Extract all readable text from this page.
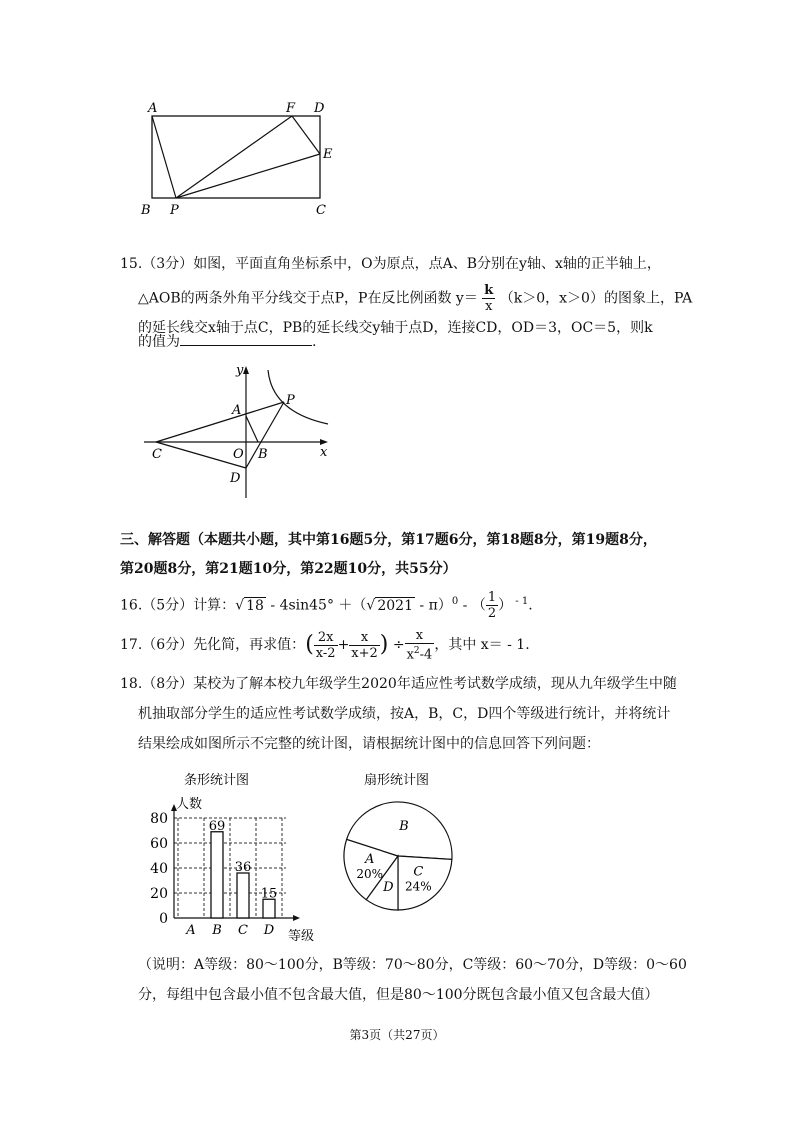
A	F D
E
B P	C
15.（3分）如图，平面直角坐标系中，O为原点，点A、B分别在y轴、x轴的正半轴上，
△AOB的两条外角平分线交于点P，P在反比例函数 $y= \frac{k}{x} (k>0$，x＞0）的图象上，PA
的延长线交x轴于点C，PB的延长线交y轴于点D，连接CD，OD＝3，OC＝5，则k
的值为	.
y
x
A
P
C	O B
D
三、解答题（本题共小题，其中第16题5分，第17题6分，第18题8分，第19题8分，
第20题8分，第21题10分，第22题10分，共55分）
16.（5分）计算：√ 18 - 4sin45° ＋（√ 2021 - π）$^0$ - （ $\frac{1}{2}$ ） $^{- 1}$.
17.（6分）先化简，再求值：( $\frac{2x}{x-2} + \frac{x}{x+2}$ ) ÷ $\frac{x}{x^2-4}$ ，其中 x＝ - 1.
18.（8分）某校为了解本校九年级学生2020年适应性考试数学成绩，现从九年级学生中随
机抽取部分学生的适应性考试数学成绩，按A，B，C，D四个等级进行统计，并将统计
结果绘成如图所示不完整的统计图，请根据统计图中的信息回答下列问题：
条形统计图
人数
等级
0
20
40
60
80	69
36
15
A B C D
扇形统计图
A
20%
B
C
24%
D
（说明：A等级：80～100分，B等级：70～80分，C等级：60～70分，D等级：0～60
分，每组中包含最小值不包含最大值，但是80～100分既包含最小值又包含最大值）
第3页（共27页）
